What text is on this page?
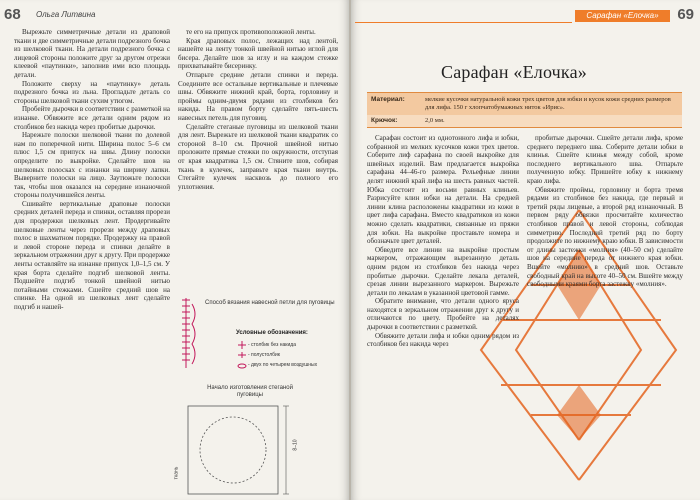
68 Ольга Литвина

Вырежьте симметричные детали из драповой ткани и две симметричные детали подрезного бочка из шелковой ткани. На детали подрезного бочка с лицевой стороны положите друг за другом отрезки клеевой «паутинки», заполнив ими всю площадь детали.

Положите сверху на «паутинку» деталь подрезного бочка из льна. Прогладьте деталь со стороны шелковой ткани сухим утюгом.

Пробейте дырочки в соответствии с разметкой на изнанке. Обвяжите все детали одним рядом из столбиков без накида через пробитые дырочки.

Нарежьте полоски шелковой ткани по долевой нам по поперечной нити. Ширина полос 5–6 см плюс 1,5 см припуск на швы. Длину полоски определите по выкройке. Сделайте шов на шелковых полосках с изнанки на ширину лапки. Выверните полоски на лицо. Заутюжьте полоски так, чтобы шов оказался на середине изнаночной стороны получившейся ленты.

Сшивайте вертикальные драповые полоски средних деталей переда и спинки, оставляя прорези для продержки шелковых лент. Продергивайте шелковые ленты через прорези между драповых полос в шахматном порядке. Продержку на правой и левой стороне переда и спинки делайте в зеркальном отражении друг к другу. При продержке ленты оставляйте на изнанке припуск 1,0–1,5 см. У края борта сделайте подгиб шелковой ленты. Подшейте подгиб тонкой швейной нитью потайными стежками. Сшейте средний шов на спинке. На одной из шелковых лент сделайте подгиб и нашей-

те его на припуск противоположной ленты.

Края драповых полос, лежащих над лентой, нашейте на ленту тонкой швейной нитью иглой для бисера. Делайте шов за иглу и на каждом стежке прихватывайте бисеринку.

Отпарьте средние детали спинки и переда. Соедините все остальные вертикальные и плечевые швы. Обвяжите нижний край, борта, горловину и проймы одним-двумя рядами из столбиков без накида. На правом борту сделайте пять-шесть навесных петель для пуговиц.

Сделайте стеганые пуговицы из шелковой ткани для лент. Вырежьте из шелковой ткани квадратик со стороной 8–10 см. Прочной швейной нитью проложите прямые стежки по окружности, отступая от края квадратика 1,5 см. Стяните шов, собирая ткань в кулечек, заправьте края ткани внутрь. Стегайте кулечек насквозь до полного его уплотнения.

Способ вязания навесной петли для пуговицы
Условные обозначения:
- столбик без накида
- полустолбик
- двух по четырем воздушных
Начало изготовления стеганой пуговицы
8–10
ткань
Сарафан «Елочка»	69
Сарафан «Елочка»
Материал:	мелкие кусочки натуральной кожи трех цветов для юбки и кусок кожи средних размеров для лифа. 150 г хлопчатобумажных ниток «Ирис».
Крючок:	2,0 мм.

Сарафан состоит из однотонного лифа и юбки, собранной из мелких кусочков кожи трех цветов. Соберите лиф сарафана по своей выкройке для швейных изделий. Вам предлагается выкройка сарафана 44–46-го размера. Рельефные линии делят нижний край лифа на шесть равных частей. Юбка состоит из восьми равных клиньев. Разрисуйте клин юбки на детали. На средней линии клина расположены квадратики из кожи в цвет лифа сарафана. Вместо квадратиков из кожи можно сделать квадратики, связанные из пряжи для юбки. На выкройке проставьте номера и обозначьте цвет деталей.

Обведите все линии на выкройке простым маркером, отражающим вырезанную деталь одним рядом из столбиков без накида через пробитые дырочки. Сделайте лекала деталей, срезая линии вырезанного маркером. Вырежьте детали по лекалам в указанной цветовой гамме.

Обратите внимание, что детали одного яруса находятся в зеркальном отражении друг к другу и отличаются по цвету. Пробейте на деталях дырочки в соответствии с разметкой.

Обвяжите детали лифа и юбки одним рядом из столбиков без накида через

пробитые дырочки. Сшейте детали лифа, кроме среднего переднего шва. Соберите детали юбки в клинья. Сшейте клинья между собой, кроме последнего вертикального шва. Отпарьте полученную юбку. Пришейте юбку к нижнему краю лифа.

Обвяжите проймы, горловину и борта тремя рядами из столбиков без накида, где первый и третий ряды лицевые, а второй ряд изнаночный. В первом ряду обвязки просчитайте количество столбиков правой и левой стороны, соблюдая симметрию. Последний третий ряд по борту продолжите по нижнему краю юбки. В зависимости от длины застежки «молния» (40–50 см) сделайте шов на середине переда от нижнего края юбки. Вшейте «молнию» в средний шов. Оставьте свободный край на высоте 40–50 см. Вшейте между свободными краями борта застежку «молния».
